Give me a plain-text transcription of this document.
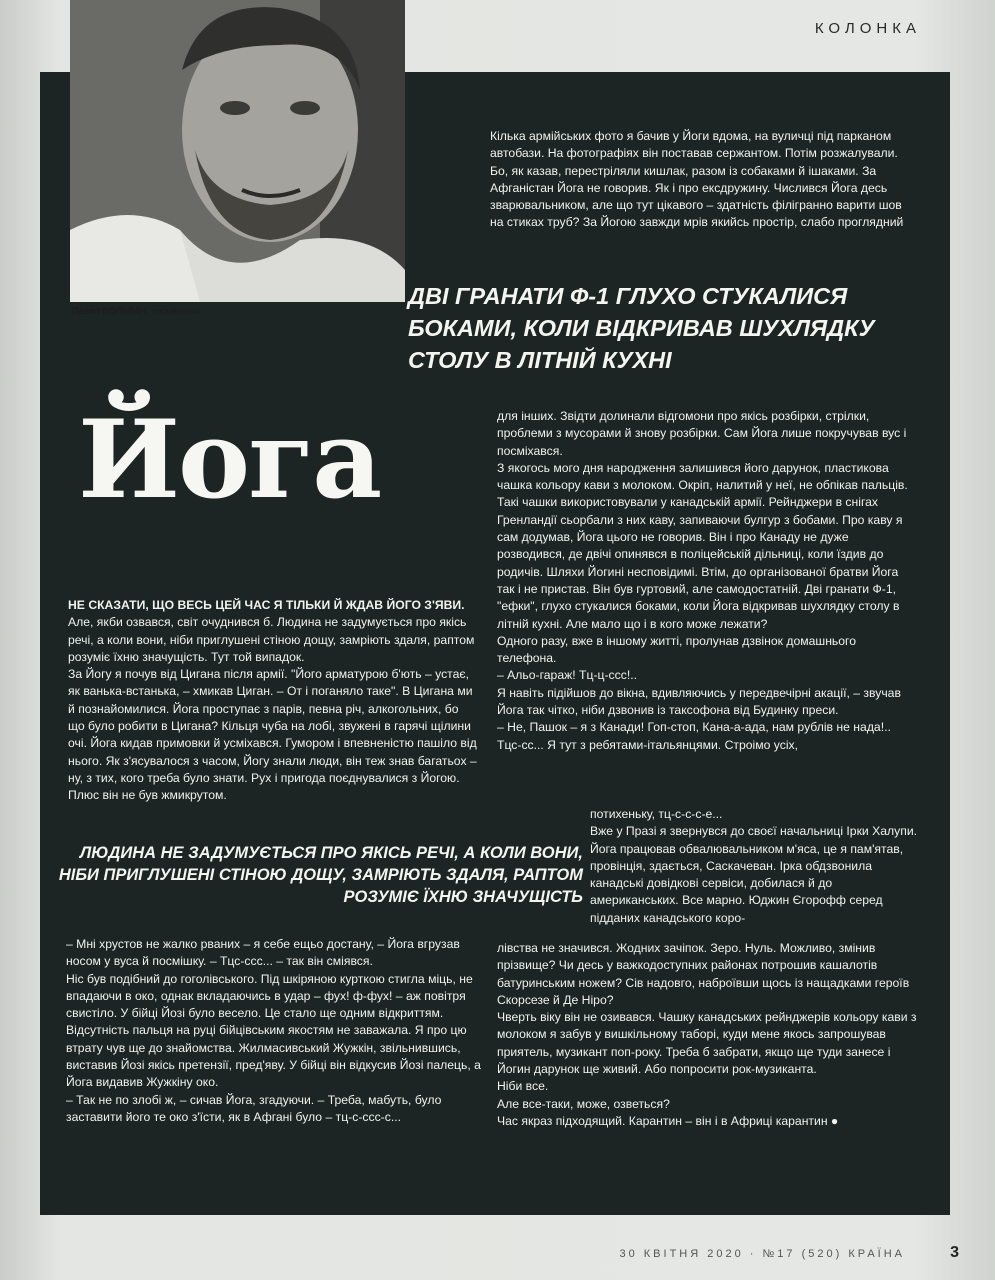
КОЛОНКА
Павло ВОЛЬВАЧ, письменник

Кілька армійських фото я бачив у Йоги вдома, на вуличці під парканом автобази. На фотографіях він поставав сержантом. Потім розжалували. Бо, як казав, перестріляли кишлак, разом із собаками й ішаками. За Афганістан Йога не говорив. Як і про ексдружину. Числився Йога десь зварювальником, але що тут цікавого – здатність філігранно варити шов на стиках труб? За Йогою завжди мрів якийсь простір, слабо проглядний

ДВІ ГРАНАТИ Ф-1 ГЛУХО СТУКАЛИСЯ БОКАМИ, КОЛИ ВІДКРИВАВ ШУХЛЯДКУ СТОЛУ В ЛІТНІЙ КУХНІ
Йога	для інших. Звідти долинали відгомони про якісь розбірки, стрілки, проблеми з мусорами й знову розбірки. Сам Йога лише покручував вус і посміхався.

З якогось мого дня народження залишився його дарунок, пластикова чашка кольору кави з молоком. Окріп, налитий у неї, не обпікав пальців. Такі чашки використовували у канадській армії. Рейнджери в снігах Гренландії сьорбали з них каву, запиваючи булгур з бобами. Про каву я сам додумав, Йога цього не говорив. Він і про Канаду не дуже розводився, де двічі опинявся в поліцейській дільниці, коли їздив до родичів. Шляхи Йогині несповідимі. Втім, до організованої братви Йога так і не пристав. Він був гуртовий, але самодостатній. Дві гранати Ф-1, "ефки", глухо стукалися боками, коли Йога відкривав шухлядку столу в літній кухні. Але мало що і в кого може лежати?

Одного разу, вже в іншому житті, пролунав дзвінок домашнього телефона.

– Альо-гараж! Тц-ц-ссс!..

Я навіть підійшов до вікна, вдивляючись у передвечірні акації, – звучав Йога так чітко, ніби дзвонив із таксофона від Будинку преси.

– Не, Пашок – я з Канади! Гоп-стоп, Кана-а-ада, нам рублів не нада!.. Тцс-сс... Я тут з ребятами-італьянцями. Строімо усіх,

НЕ СКАЗАТИ, ЩО ВЕСЬ ЦЕЙ ЧАС Я ТІЛЬКИ Й ЖДАВ ЙОГО З'ЯВИ. Але, якби озвався, світ очуднився б. Людина не задумується про якісь речі, а коли вони, ніби приглушені стіною дощу, замріють здаля, раптом розуміє їхню значущість. Тут той випадок.

За Йогу я почув від Цигана після армії. "Його арматурою б'ють – устає, як ванька-встанька, – хмикав Циган. – От і поганяло таке". В Цигана ми й познайомилися. Йога проступає з парів, певна річ, алкогольних, бо що було робити в Цигана? Кільця чуба на лобі, звужені в гарячі щілини очі. Йога кидав примовки й усміхався. Гумором і впевненістю пашіло від нього. Як з'ясувалося з часом, Йогу знали люди, він теж знав багатьох – ну, з тих, кого треба було знати. Рух і пригода поєднувалися з Йогою. Плюс він не був жмикрутом.

потихеньку, тц-с-с-с-е...

Вже у Празі я звернувся до своєї начальниці Ірки Халупи. Йога працював обвалювальником м'яса, це я пам'ятав, провінція, здається, Саскачеван. Ірка обдзвонила канадські довідкові сервіси, добилася й до американських. Все марно. Юджин Єгорофф серед підданих канадського коро-

ЛЮДИНА НЕ ЗАДУМУЄТЬСЯ ПРО ЯКІСЬ РЕЧІ, А КОЛИ ВОНИ, НІБИ ПРИГЛУШЕНІ СТІНОЮ ДОЩУ, ЗАМРІЮТЬ ЗДАЛЯ, РАПТОМ РОЗУМІЄ ЇХНЮ ЗНАЧУЩІСТЬ

– Мні хрустов не жалко рваних – я себе ещьо достану, – Йога вгрузав носом у вуса й посмішку. – Тцс-ссс... – так він сміявся.

Ніс був подібний до гоголівського. Під шкіряною курткою стигла міць, не впадаючи в око, однак вкладаючись в удар – фух! ф-фух! – аж повітря свистіло. У бійці Йозі було весело. Це стало ще одним відкриттям. Відсутність пальця на руці бійцівським якостям не заважала. Я про цю втрату чув ще до знайомства. Жилмасивський Жужкін, звільнившись, виставив Йозі якісь претензії, пред'яву. У бійці він відкусив Йозі палець, а Йога видавив Жужкіну око.

– Так не по злобі ж, – сичав Йога, згадуючи. – Треба, мабуть, було заставити його те око з'їсти, як в Афгані було – тц-с-ссс-с...

лівства не значився. Жодних зачіпок. Зеро. Нуль. Можливо, змінив прізвище? Чи десь у важкодоступних районах потрошив кашалотів батуринським ножем? Сів надовго, наброївши щось із нащадками героїв Скорсезе й Де Ніро?

Чверть віку він не озивався. Чашку канадських рейнджерів кольору кави з молоком я забув у вишкільному таборі, куди мене якось запрошував приятель, музикант поп-року. Треба б забрати, якщо ще туди занесе і Йогин дарунок ще живий. Або попросити рок-музиканта.

Ніби все.

Але все-таки, може, озветься?

Час якраз підходящий. Карантин – він і в Африці карантин ●

30 КВІТНЯ 2020 · №17 (520) КРАЇНА	3
